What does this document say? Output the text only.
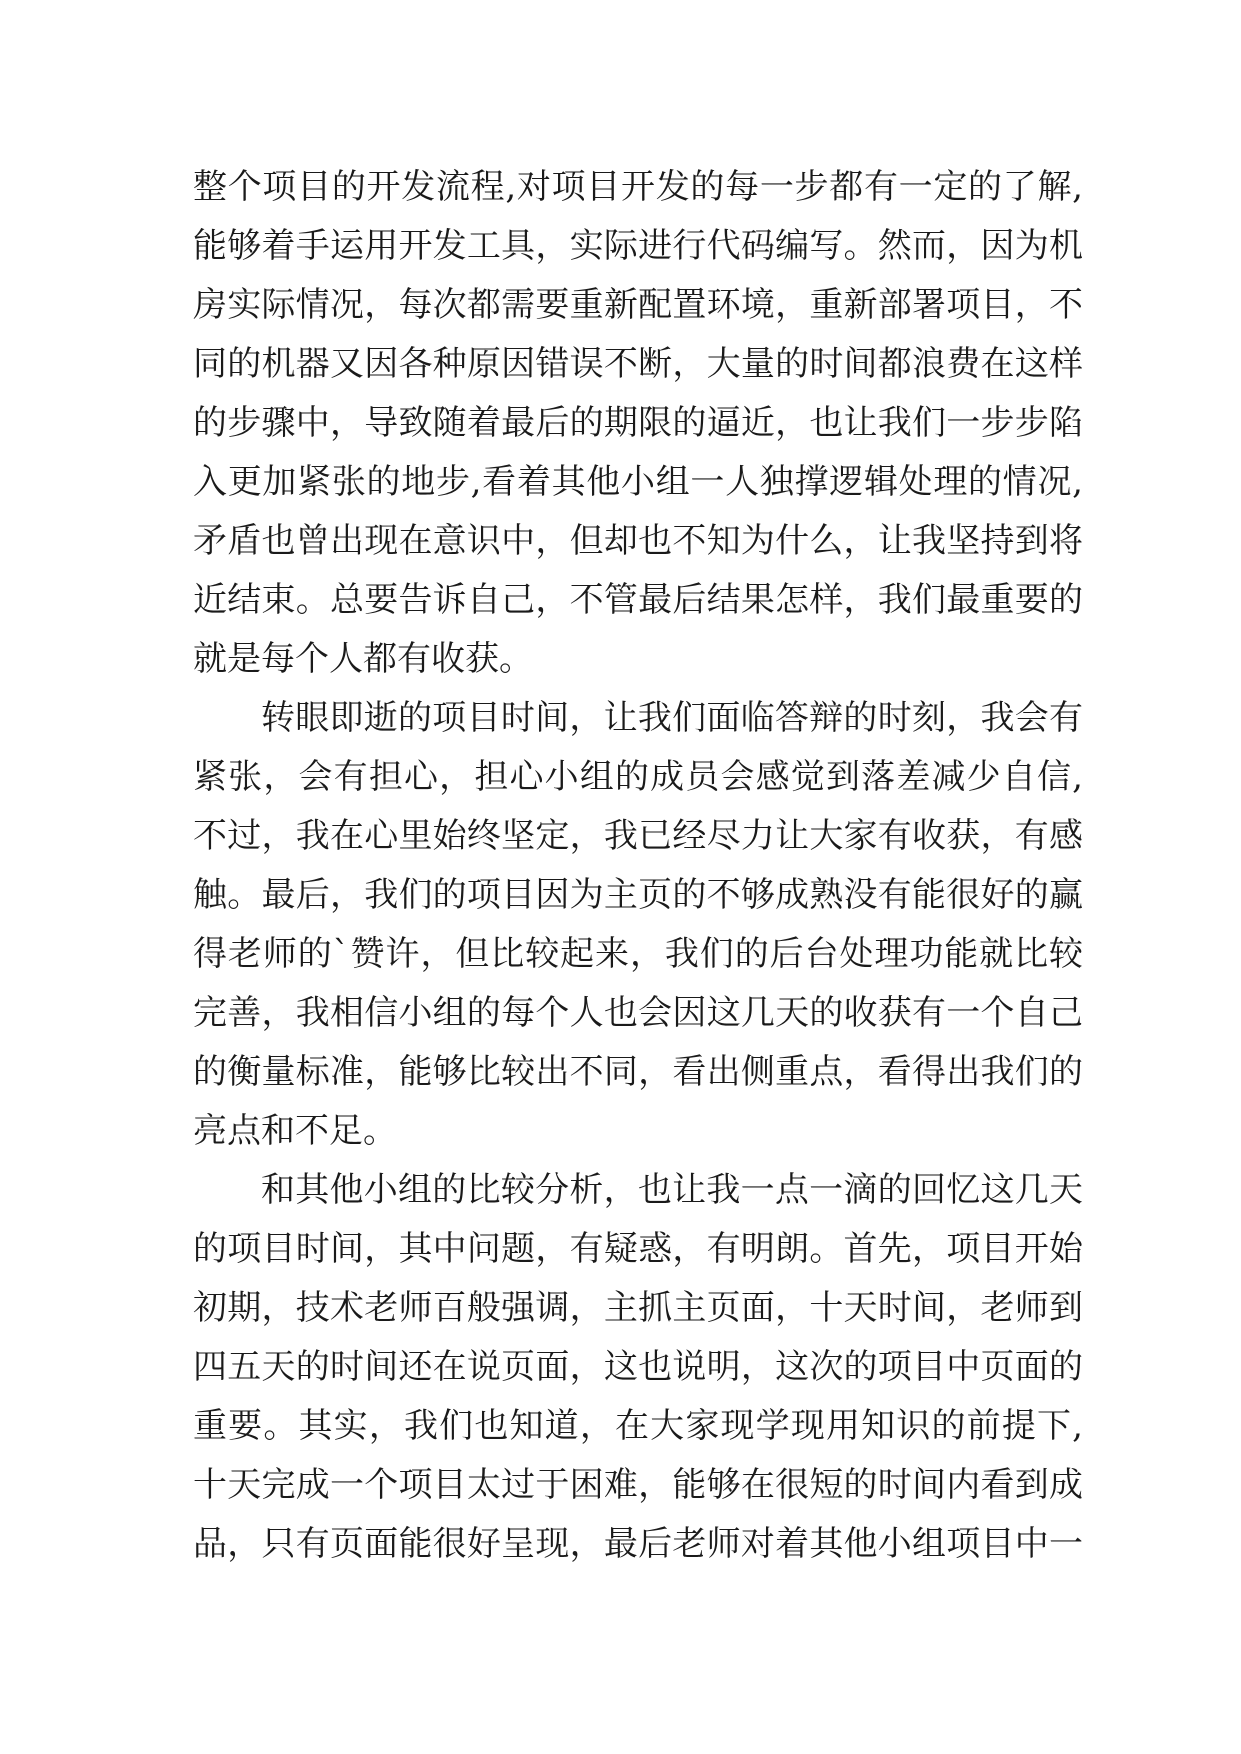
整个项目的开发流程,对项目开发的每一步都有一定的了解,
能够着手运用开发工具，实际进行代码编写。然而，因为机
房实际情况，每次都需要重新配置环境，重新部署项目，不
同的机器又因各种原因错误不断，大量的时间都浪费在这样
的步骤中，导致随着最后的期限的逼近，也让我们一步步陷
入更加紧张的地步,看着其他小组一人独撑逻辑处理的情况,
矛盾也曾出现在意识中，但却也不知为什么，让我坚持到将
近结束。总要告诉自己，不管最后结果怎样，我们最重要的
就是每个人都有收获。
转眼即逝的项目时间，让我们面临答辩的时刻，我会有
紧张，会有担心，担心小组的成员会感觉到落差减少自信,
不过，我在心里始终坚定，我已经尽力让大家有收获，有感
触。最后，我们的项目因为主页的不够成熟没有能很好的赢
得老师的`赞许，但比较起来，我们的后台处理功能就比较
完善，我相信小组的每个人也会因这几天的收获有一个自己
的衡量标准，能够比较出不同，看出侧重点，看得出我们的
亮点和不足。
和其他小组的比较分析，也让我一点一滴的回忆这几天
的项目时间，其中问题，有疑惑，有明朗。首先，项目开始
初期，技术老师百般强调，主抓主页面，十天时间，老师到
四五天的时间还在说页面，这也说明，这次的项目中页面的
重要。其实，我们也知道，在大家现学现用知识的前提下,
十天完成一个项目太过于困难，能够在很短的时间内看到成
品，只有页面能很好呈现，最后老师对着其他小组项目中一
